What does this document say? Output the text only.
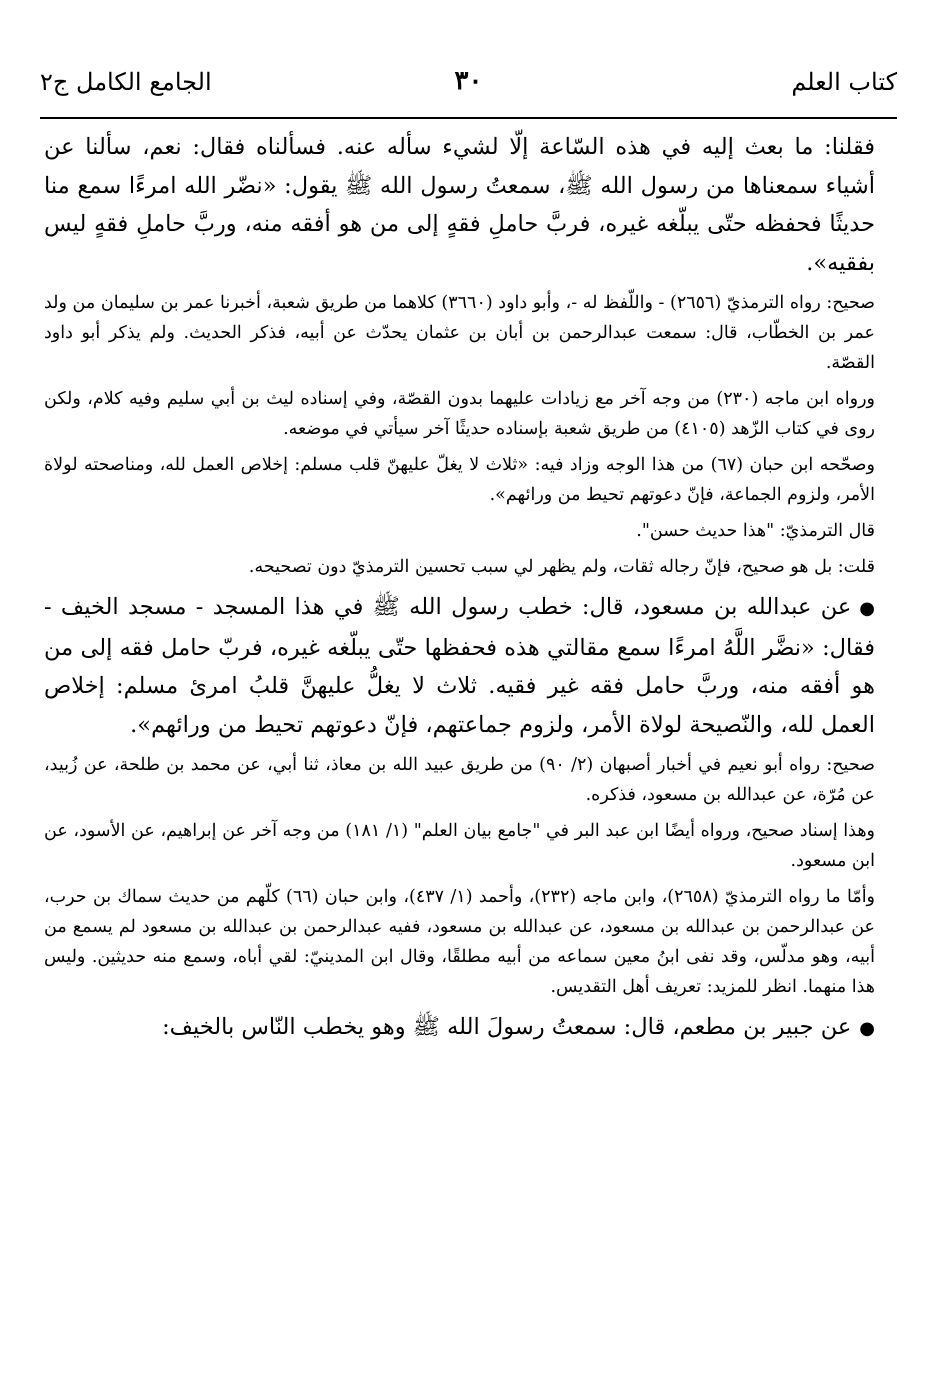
كتاب العلم
٣٠
الجامع الكامل ج٢

فقلنا: ما بعث إليه في هذه السّاعة إلّا لشيء سأله عنه. فسألناه فقال: نعم، سألنا عن أشياء سمعناها من رسول الله ﷺ، سمعتُ رسول الله ﷺ يقول: «نضّر الله امرءًا سمع منا حديثًا فحفظه حتّى يبلّغه غيره، فربَّ حاملِ فقهٍ إلى من هو أفقه منه، وربَّ حاملِ فقهٍ ليس بفقيه».

صحيح: رواه الترمذيّ (٢٦٥٦) - واللّفظ له -، وأبو داود (٣٦٦٠) كلاهما من طريق شعبة، أخبرنا عمر بن سليمان من ولد عمر بن الخطّاب، قال: سمعت عبدالرحمن بن أبان بن عثمان يحدّث عن أبيه، فذكر الحديث. ولم يذكر أبو داود القصّة.

ورواه ابن ماجه (٢٣٠) من وجه آخر مع زيادات عليهما بدون القصّة، وفي إسناده ليث بن أبي سليم وفيه كلام، ولكن روى في كتاب الزّهد (٤١٠٥) من طريق شعبة بإسناده حديثًا آخر سيأتي في موضعه.

وصحّحه ابن حبان (٦٧) من هذا الوجه وزاد فيه: «ثلاث لا يغلّ عليهنّ قلب مسلم: إخلاص العمل لله، ومناصحته لولاة الأمر، ولزوم الجماعة، فإنّ دعوتهم تحيط من ورائهم».

قال الترمذيّ: "هذا حديث حسن".

قلت: بل هو صحيح، فإنّ رجاله ثقات، ولم يظهر لي سبب تحسين الترمذيّ دون تصحيحه.

●عن عبدالله بن مسعود، قال: خطب رسول الله ﷺ في هذا المسجد - مسجد الخيف - فقال: «نضَّر اللَّهُ امرءًا سمع مقالتي هذه فحفظها حتّى يبلّغه غيره، فربّ حامل فقه إلى من هو أفقه منه، وربَّ حامل فقه غير فقيه. ثلاث لا يغلُّ عليهنَّ قلبُ امرئ مسلم: إخلاص العمل لله، والنّصيحة لولاة الأمر، ولزوم جماعتهم، فإنّ دعوتهم تحيط من ورائهم».

صحيح: رواه أبو نعيم في أخبار أصبهان (٢/ ٩٠) من طريق عبيد الله بن معاذ، ثنا أبي، عن محمد بن طلحة، عن زُبيد، عن مُرّة، عن عبدالله بن مسعود، فذكره.

وهذا إسناد صحيح، ورواه أيضًا ابن عبد البر في "جامع بيان العلم" (١/ ١٨١) من وجه آخر عن إبراهيم، عن الأسود، عن ابن مسعود.

وأمّا ما رواه الترمذيّ (٢٦٥٨)، وابن ماجه (٢٣٢)، وأحمد (١/ ٤٣٧)، وابن حبان (٦٦) كلّهم من حديث سماك بن حرب، عن عبدالرحمن بن عبدالله بن مسعود، عن عبدالله بن مسعود، ففيه عبدالرحمن بن عبدالله بن مسعود لم يسمع من أبيه، وهو مدلّس، وقد نفى ابنُ معين سماعه من أبيه مطلقًا، وقال ابن المدينيّ: لقي أباه، وسمع منه حديثين. وليس هذا منهما. انظر للمزيد: تعريف أهل التقديس.

●عن جبير بن مطعم، قال: سمعتُ رسولَ الله ﷺ وهو يخطب النّاس بالخيف:
